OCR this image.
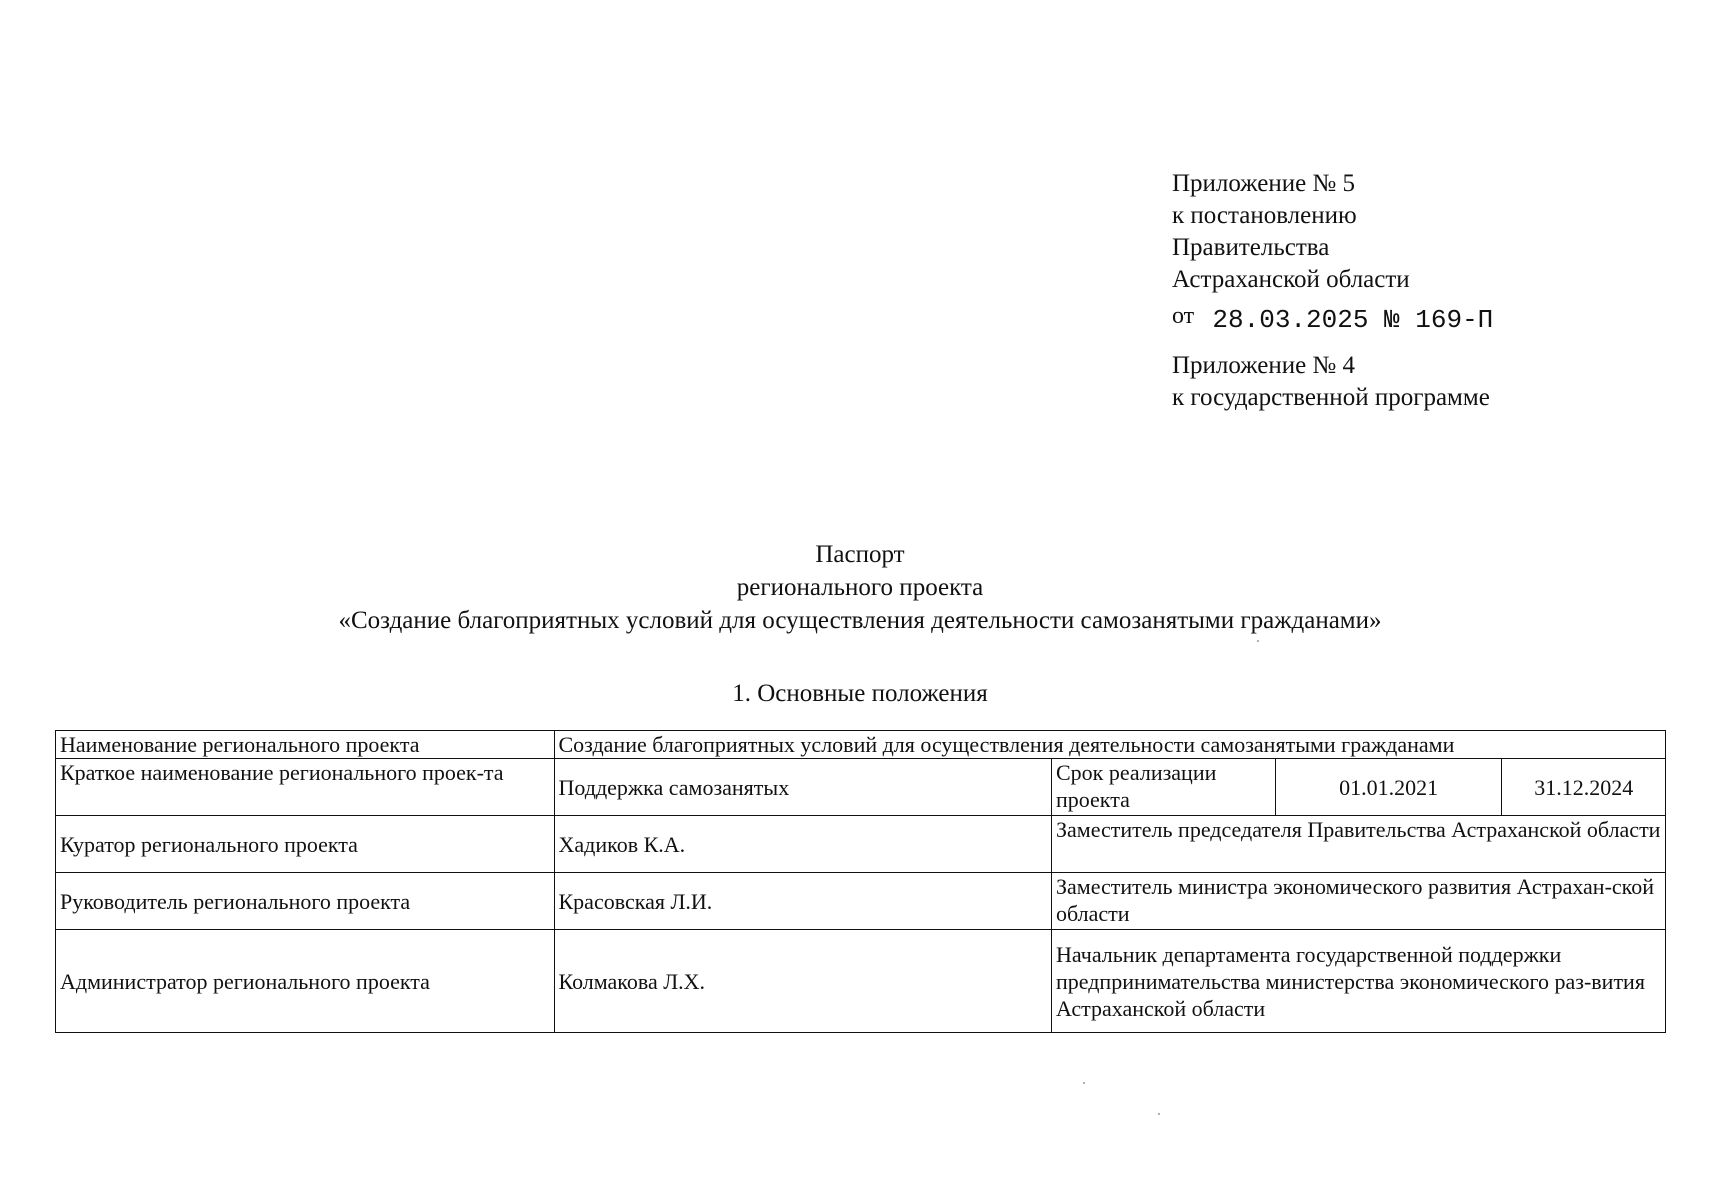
Приложение № 5
к постановлению
Правительства
Астраханской области
от 28.03.2025 № 169-П
Приложение № 4
к государственной программе
Паспорт
регионального проекта
«Создание благоприятных условий для осуществления деятельности самозанятыми гражданами»
1. Основные положения
Наименование регионального проекта	Создание благоприятных условий для осуществления деятельности самозанятыми гражданами			
Краткое наименование регионального проек-та	Поддержка самозанятых	Срок реализации проекта	01.01.2021	31.12.2024
Куратор регионального проекта	Хадиков К.А.	Заместитель председателя Правительства Астраханской области		
Руководитель регионального проекта	Красовская Л.И.	Заместитель министра экономического развития Астрахан-ской области		
Администратор регионального проекта	Колмакова Л.Х.	Начальник департамента государственной поддержки предпринимательства министерства экономического раз-вития Астраханской области		
